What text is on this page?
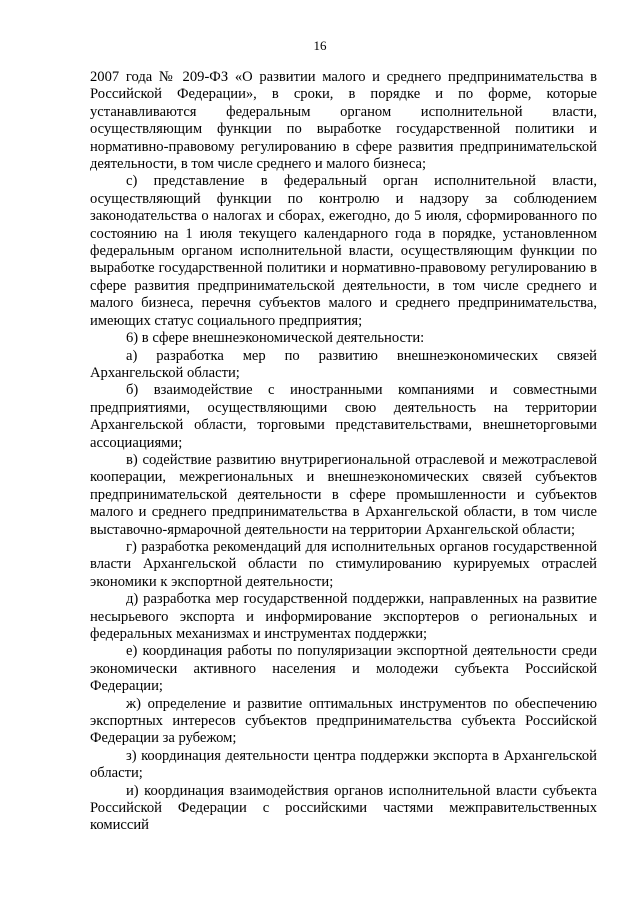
16

2007 года № 209-ФЗ «О развитии малого и среднего предпринимательства в Российской Федерации», в сроки, в порядке и по форме, которые устанавливаются федеральным органом исполнительной власти, осуществляющим функции по выработке государственной политики и нормативно-правовому регулированию в сфере развития предпринимательской деятельности, в том числе среднего и малого бизнеса;

с) представление в федеральный орган исполнительной власти, осуществляющий функции по контролю и надзору за соблюдением законодательства о налогах и сборах, ежегодно, до 5 июля, сформированного по состоянию на 1 июля текущего календарного года в порядке, установленном федеральным органом исполнительной власти, осуществляющим функции по выработке государственной политики и нормативно-правовому регулированию в сфере развития предпринимательской деятельности, в том числе среднего и малого бизнеса, перечня субъектов малого и среднего предпринимательства, имеющих статус социального предприятия;

6) в сфере внешнеэкономической деятельности:

а) разработка мер по развитию внешнеэкономических связей Архангельской области;

б) взаимодействие с иностранными компаниями и совместными предприятиями, осуществляющими свою деятельность на территории Архангельской области, торговыми представительствами, внешнеторговыми ассоциациями;

в) содействие развитию внутрирегиональной отраслевой и межотраслевой кооперации, межрегиональных и внешнеэкономических связей субъектов предпринимательской деятельности в сфере промышленности и субъектов малого и среднего предпринимательства в Архангельской области, в том числе выставочно-ярмарочной деятельности на территории Архангельской области;

г) разработка рекомендаций для исполнительных органов государственной власти Архангельской области по стимулированию курируемых отраслей экономики к экспортной деятельности;

д) разработка мер государственной поддержки, направленных на развитие несырьевого экспорта и информирование экспортеров о региональных и федеральных механизмах и инструментах поддержки;

е) координация работы по популяризации экспортной деятельности среди экономически активного населения и молодежи субъекта Российской Федерации;

ж) определение и развитие оптимальных инструментов по обеспечению экспортных интересов субъектов предпринимательства субъекта Российской Федерации за рубежом;

з) координация деятельности центра поддержки экспорта в Архангельской области;

и) координация взаимодействия органов исполнительной власти субъекта Российской Федерации с российскими частями межправительственных комиссий
